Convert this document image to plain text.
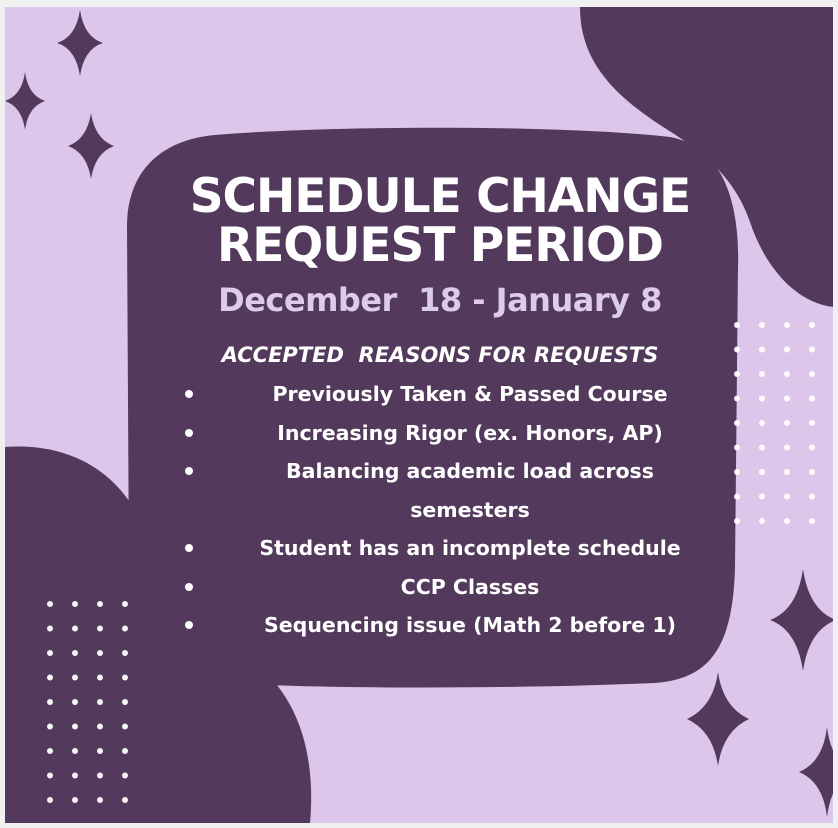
SCHEDULE CHANGE
REQUEST PERIOD
December  18 - January 8
ACCEPTED  REASONS FOR REQUESTS
Previously Taken & Passed Course
Increasing Rigor (ex. Honors, AP)
Balancing academic load across semesters
Student has an incomplete schedule
CCP Classes
Sequencing issue (Math 2 before 1)
